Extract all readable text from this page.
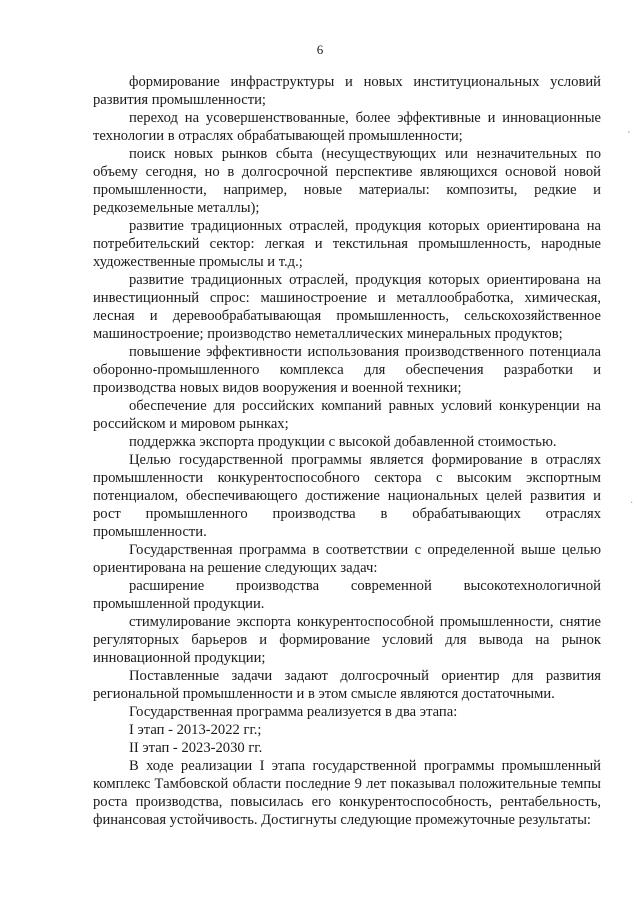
6

формирование инфраструктуры и новых институциональных условий развития промышленности;

переход на усовершенствованные, более эффективные и инновационные технологии в отраслях обрабатывающей промышленности;

поиск новых рынков сбыта (несуществующих или незначительных по объему сегодня, но в долгосрочной перспективе являющихся основой новой промышленности, например, новые материалы: композиты, редкие и редкоземельные металлы);

развитие традиционных отраслей, продукция которых ориентирована на потребительский сектор: легкая и текстильная промышленность, народные художественные промыслы и т.д.;

развитие традиционных отраслей, продукция которых ориентирована на инвестиционный спрос: машиностроение и металлообработка, химическая, лесная и деревообрабатывающая промышленность, сельскохозяйственное машиностроение; производство неметаллических минеральных продуктов;

повышение эффективности использования производственного потенциала оборонно-промышленного комплекса для обеспечения разработки и производства новых видов вооружения и военной техники;

обеспечение для российских компаний равных условий конкуренции на российском и мировом рынках;

поддержка экспорта продукции с высокой добавленной стоимостью.

Целью государственной программы является формирование в отраслях промышленности конкурентоспособного сектора с высоким экспортным потенциалом, обеспечивающего достижение национальных целей развития и рост промышленного производства в обрабатывающих отраслях промышленности.

Государственная программа в соответствии с определенной выше целью ориентирована на решение следующих задач:

расширение производства современной высокотехнологичной промышленной продукции.

стимулирование экспорта конкурентоспособной промышленности, снятие регуляторных барьеров и формирование условий для вывода на рынок инновационной продукции;

Поставленные задачи задают долгосрочный ориентир для развития региональной промышленности и в этом смысле являются достаточными.

Государственная программа реализуется в два этапа:

I этап - 2013-2022 гг.;

II этап - 2023-2030 гг.

В ходе реализации I этапа государственной программы промышленный комплекс Тамбовской области последние 9 лет показывал положительные темпы роста производства, повысилась его конкурентоспособность, рентабельность, финансовая устойчивость. Достигнуты следующие промежуточные результаты:

'
·
